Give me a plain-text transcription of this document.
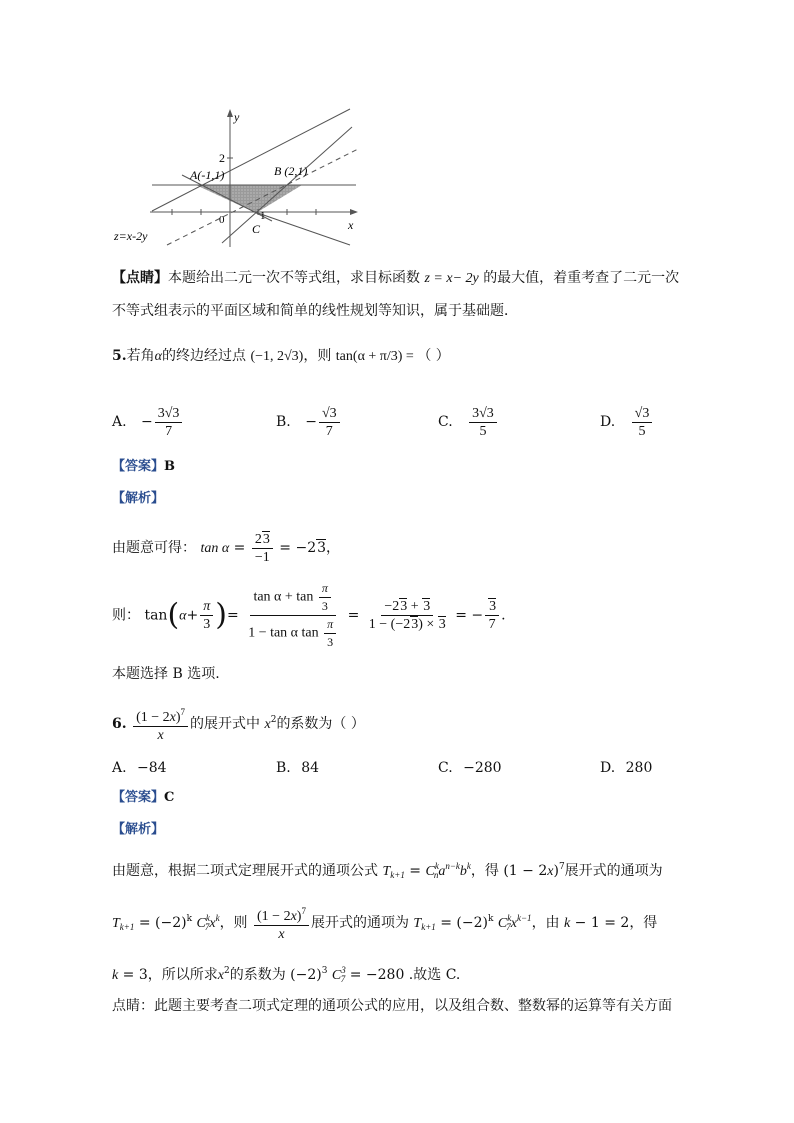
y
x
2
0	1
A(-1,1)	B (2,1)
C
z=x-2y
【点睛】本题给出二元一次不等式组，求目标函数 z = x− 2y 的最大值，着重考查了二元一次
不等式组表示的平面区域和简单的线性规划等知识，属于基础题．
5.若角α的终边经过点 (−1, 2√3)，则 tan(α + π/3) = （ ）
A. − $\frac{3√3}{7}$	B. − $\frac{√3}{7}$	C. $\frac{3√3}{5}$	D. $\frac{√3}{5}$
【答案】B
【解析】
由题意可得： $\tan \alpha = \frac{23}{-1} = -23$，
则： $\tan(\alpha+ \frac{\pi}{3}$ )= $\frac{\tan \alpha + \tan \frac{\pi}{3}}{1 - \tan \alpha \tan \frac{\pi}{3}} = \frac{-23 + 3}{1 - (-23) \times 3}$ = − $\frac{3}{7}$ .
本题选择 B 选项.
6. $\frac{(1 - 2x)^7}{x}$ 的展开式中 $x^2$的系数为（ ）
A. −84	B. 84	C. −280	D. 280
【答案】C
【解析】
由题意，根据二项式定理展开式的通项公式 $T_{k+1} = C^k_na^{n-k}b^k$，得 $(1 - 2x)^7$展开式的通项为
$T_{k+1} = (-2)^k$ $C^k_7x^k$，则 $\frac{(1 - 2x)^7}{x}$ 展开式的通项为 $T_{k+1} = (-2)^k$ $C^k_7x^{k-1}$，由 k − 1 = 2，得
k = 3，所以所求$x^2$的系数为 $(-2)^3$ $C^3_7 = -280$ .故选 C.
点睛：此题主要考查二项式定理的通项公式的应用，以及组合数、整数幂的运算等有关方面
